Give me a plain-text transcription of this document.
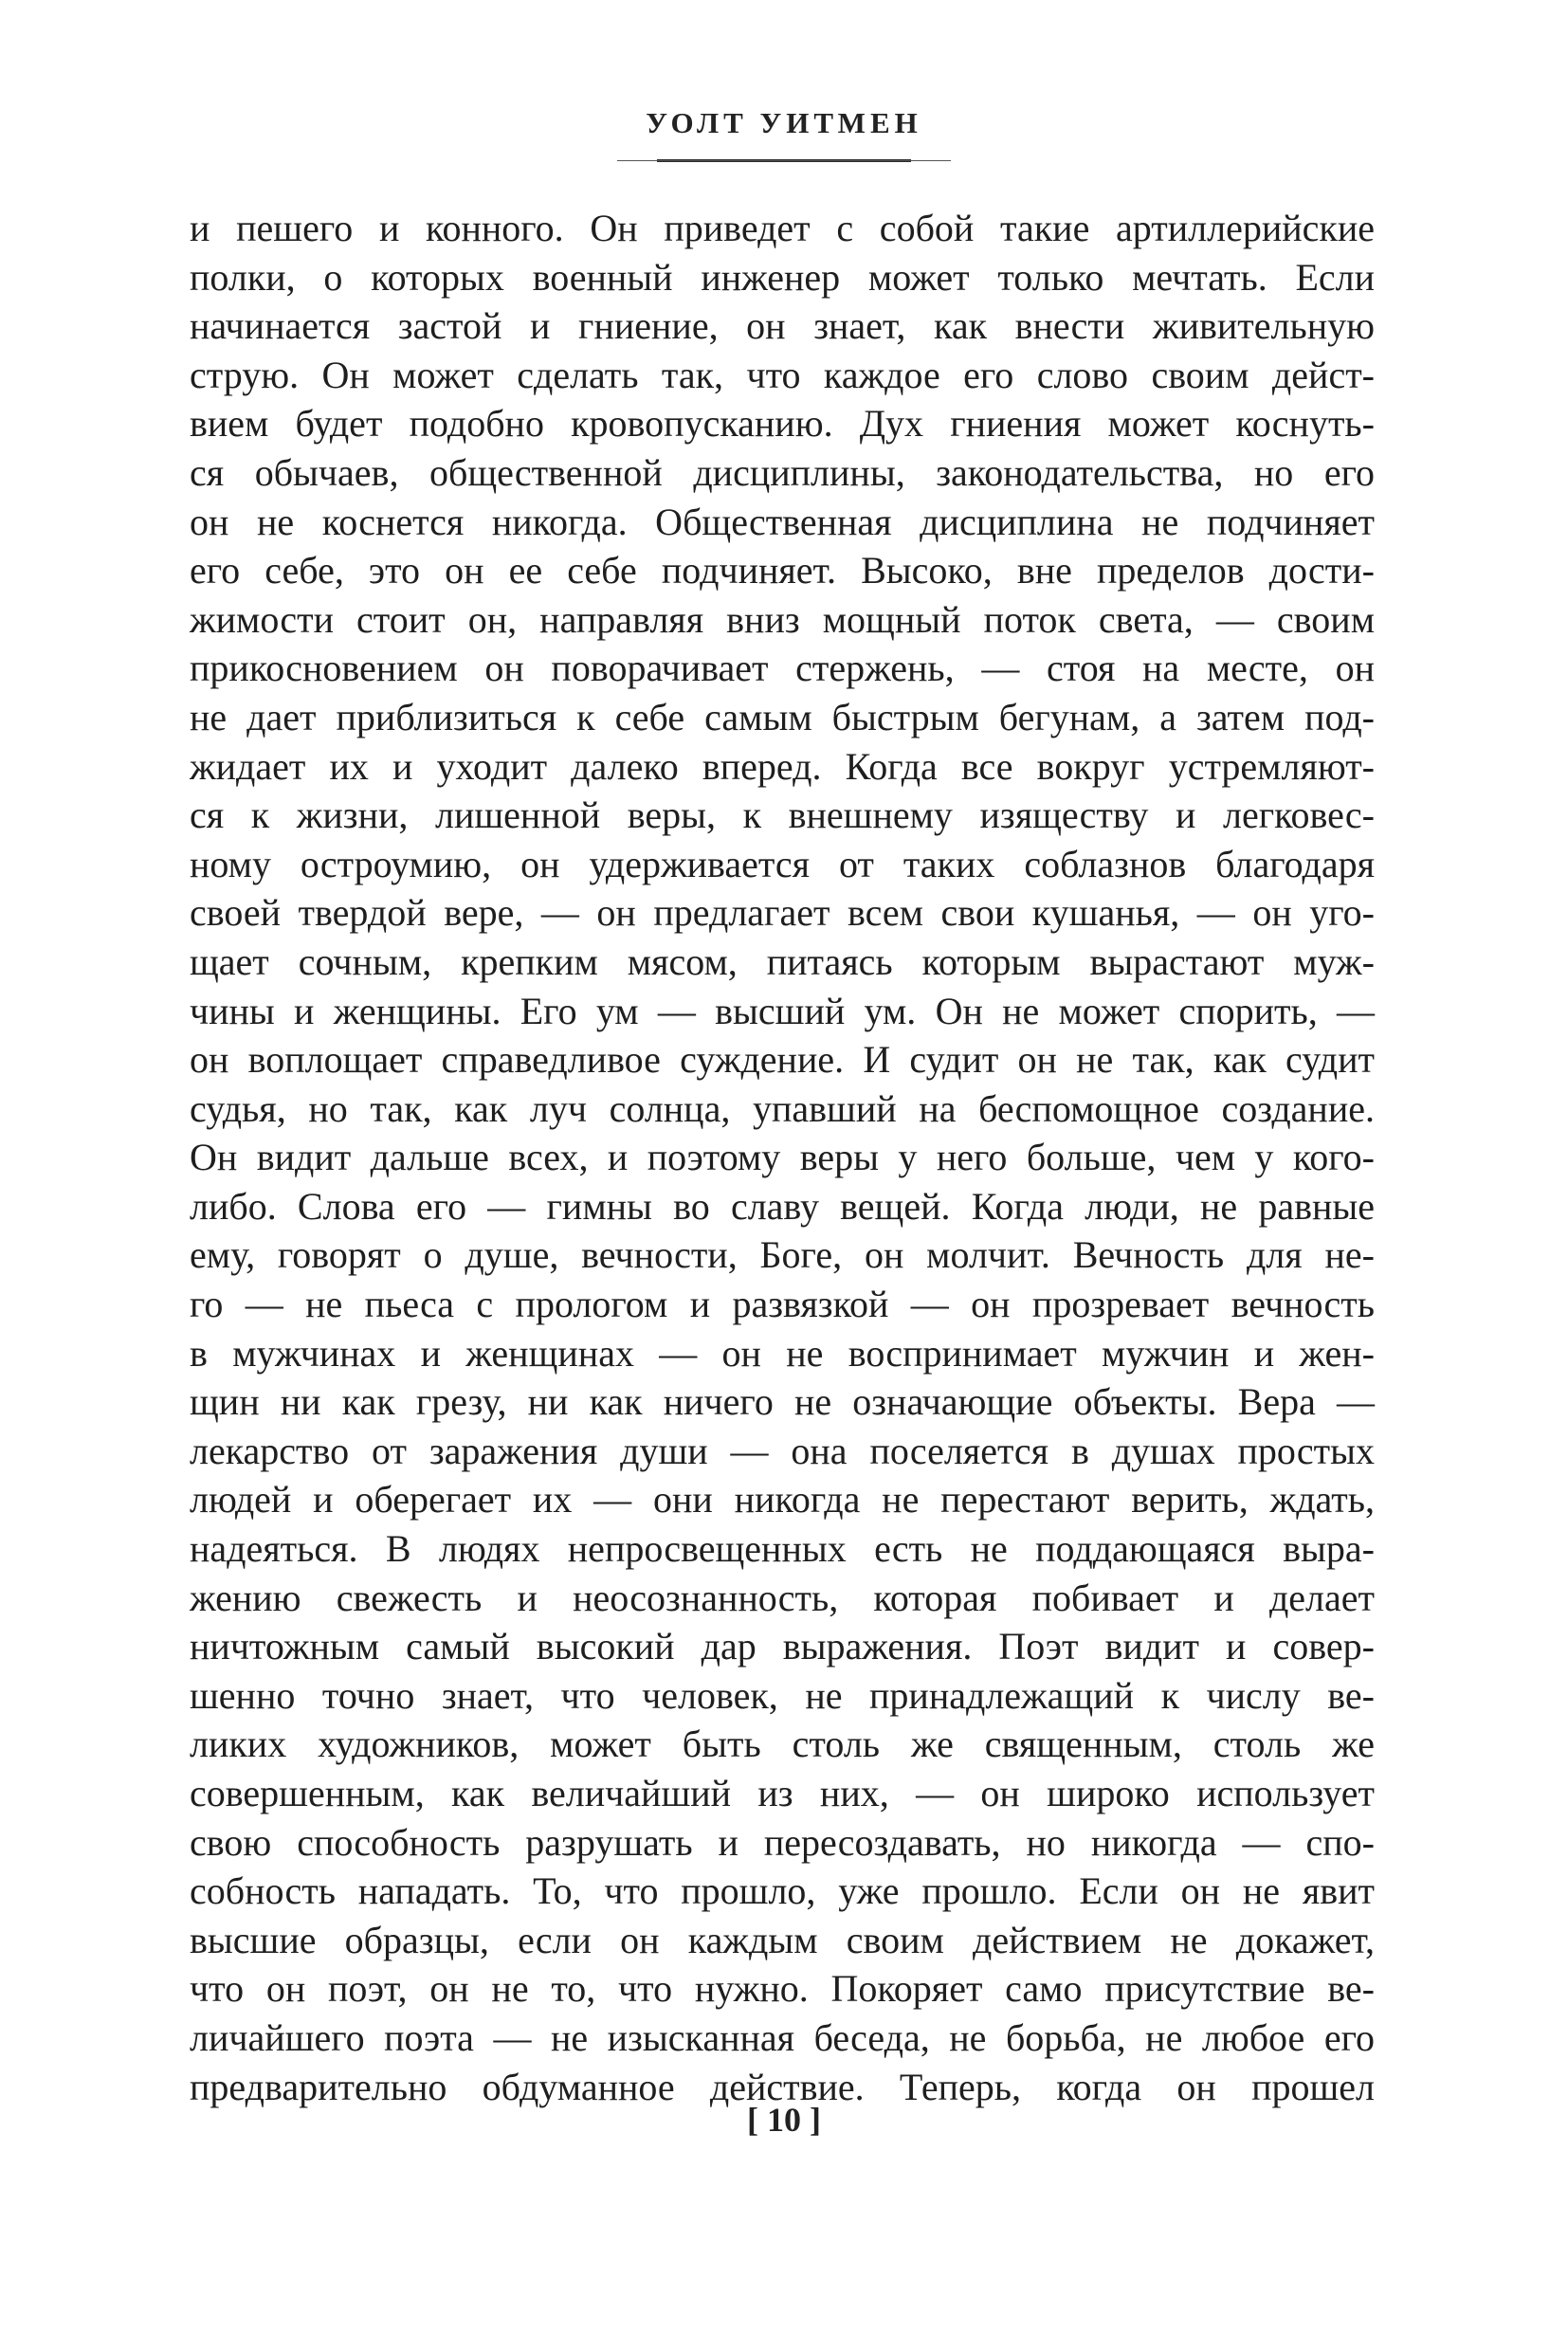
УОЛТ УИТМЕН
и пешего и конного. Он приведет с собой такие артиллерийские
полки, о которых военный инженер может только мечтать. Если
начинается застой и гниение, он знает, как внести живительную
струю. Он может сделать так, что каждое его слово своим дейст-
вием будет подобно кровопусканию. Дух гниения может коснуть-
ся обычаев, общественной дисциплины, законодательства, но его
он не коснется никогда. Общественная дисциплина не подчиняет
его себе, это он ее себе подчиняет. Высоко, вне пределов дости-
жимости стоит он, направляя вниз мощный поток света, — своим
прикосновением он поворачивает стержень, — стоя на месте, он
не дает приблизиться к себе самым быстрым бегунам, а затем под-
жидает их и уходит далеко вперед. Когда все вокруг устремляют-
ся к жизни, лишенной веры, к внешнему изяществу и легковес-
ному остроумию, он удерживается от таких соблазнов благодаря
своей твердой вере, — он предлагает всем свои кушанья, — он уго-
щает сочным, крепким мясом, питаясь которым вырастают муж-
чины и женщины. Его ум — высший ум. Он не может спорить, —
он воплощает справедливое суждение. И судит он не так, как судит
судья, но так, как луч солнца, упавший на беспомощное создание.
Он видит дальше всех, и поэтому веры у него больше, чем у кого-
либо. Слова его — гимны во славу вещей. Когда люди, не равные
ему, говорят о душе, вечности, Боге, он молчит. Вечность для не-
го — не пьеса с прологом и развязкой — он прозревает вечность
в мужчинах и женщинах — он не воспринимает мужчин и жен-
щин ни как грезу, ни как ничего не означающие объекты. Вера —
лекарство от заражения души — она поселяется в душах простых
людей и оберегает их — они никогда не перестают верить, ждать,
надеяться. В людях непросвещенных есть не поддающаяся выра-
жению свежесть и неосознанность, которая побивает и делает
ничтожным самый высокий дар выражения. Поэт видит и совер-
шенно точно знает, что человек, не принадлежащий к числу ве-
ликих художников, может быть столь же священным, столь же
совершенным, как величайший из них, — он широко использует
свою способность разрушать и пересоздавать, но никогда — спо-
собность нападать. То, что прошло, уже прошло. Если он не явит
высшие образцы, если он каждым своим действием не докажет,
что он поэт, он не то, что нужно. Покоряет само присутствие ве-
личайшего поэта — не изысканная беседа, не борьба, не любое его
предварительно обдуманное действие. Теперь, когда он прошел
[ 10 ]
